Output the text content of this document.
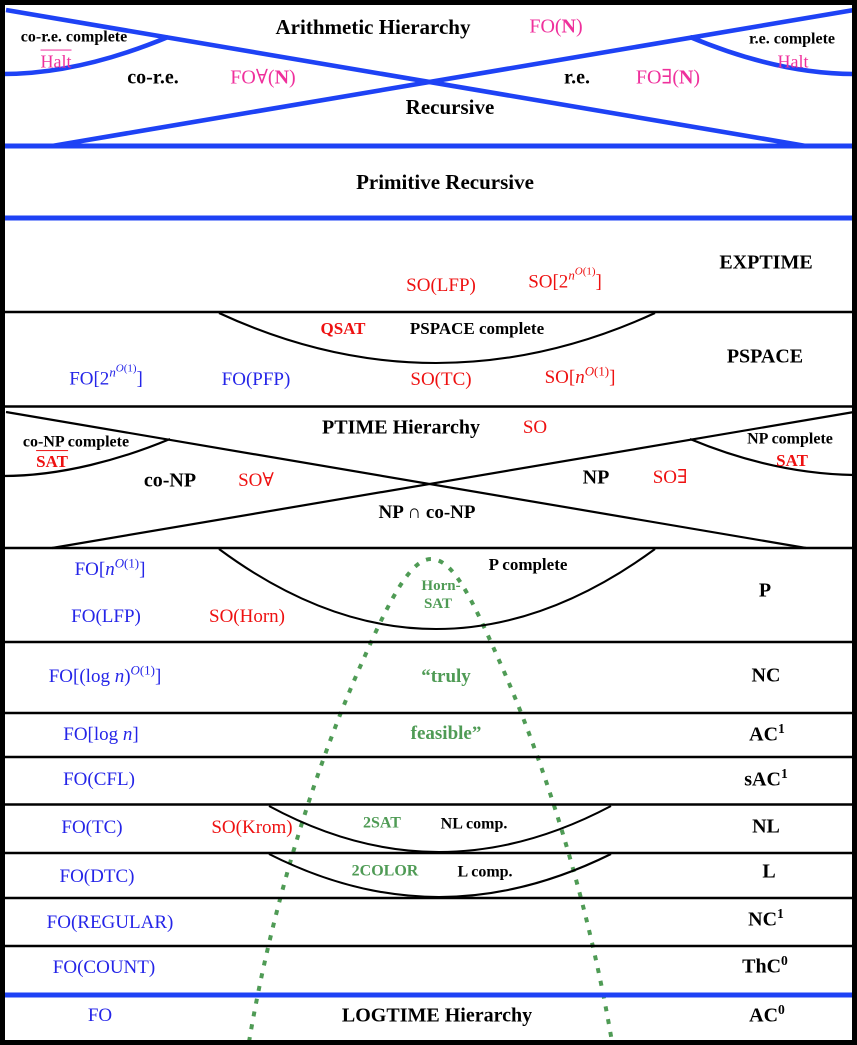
Arithmetic Hierarchy	FO(N)
co-r.e. complete
Halt
co-r.e.	FO∀(N)	r.e. FO∃(N)
r.e. complete
Halt
Recursive
Primitive Recursive
SO(LFP)	$SO[2^{n^{O(1)}}]$
EXPTIME
QSAT	PSPACE complete
$FO[2^{n^{O(1)}}]$	FO(PFP)	SO(TC)	$SO[n^{O(1)}]$
PSPACE
PTIME Hierarchy SO
co-NP complete
SAT
co-NP SO∀	NP SO∃
NP complete
SAT
NP ∩ co-NP
$FO[n^{O(1)}]$	P complete
Horn-
SAT
FO(LFP)	SO(Horn)
P
FO[(log n)$^{O(1)}$]	“truly	NC
FO[log n]	feasible”	$AC^1$
FO(CFL)	sAC$^1$
FO(TC)	SO(Krom)	2SAT NL comp.	NL
FO(DTC)	2COLOR L comp.	L
FO(REGULAR)	$NC^1$
FO(COUNT)	ThC$^0$
FO	LOGTIME Hierarchy	$AC^0$
